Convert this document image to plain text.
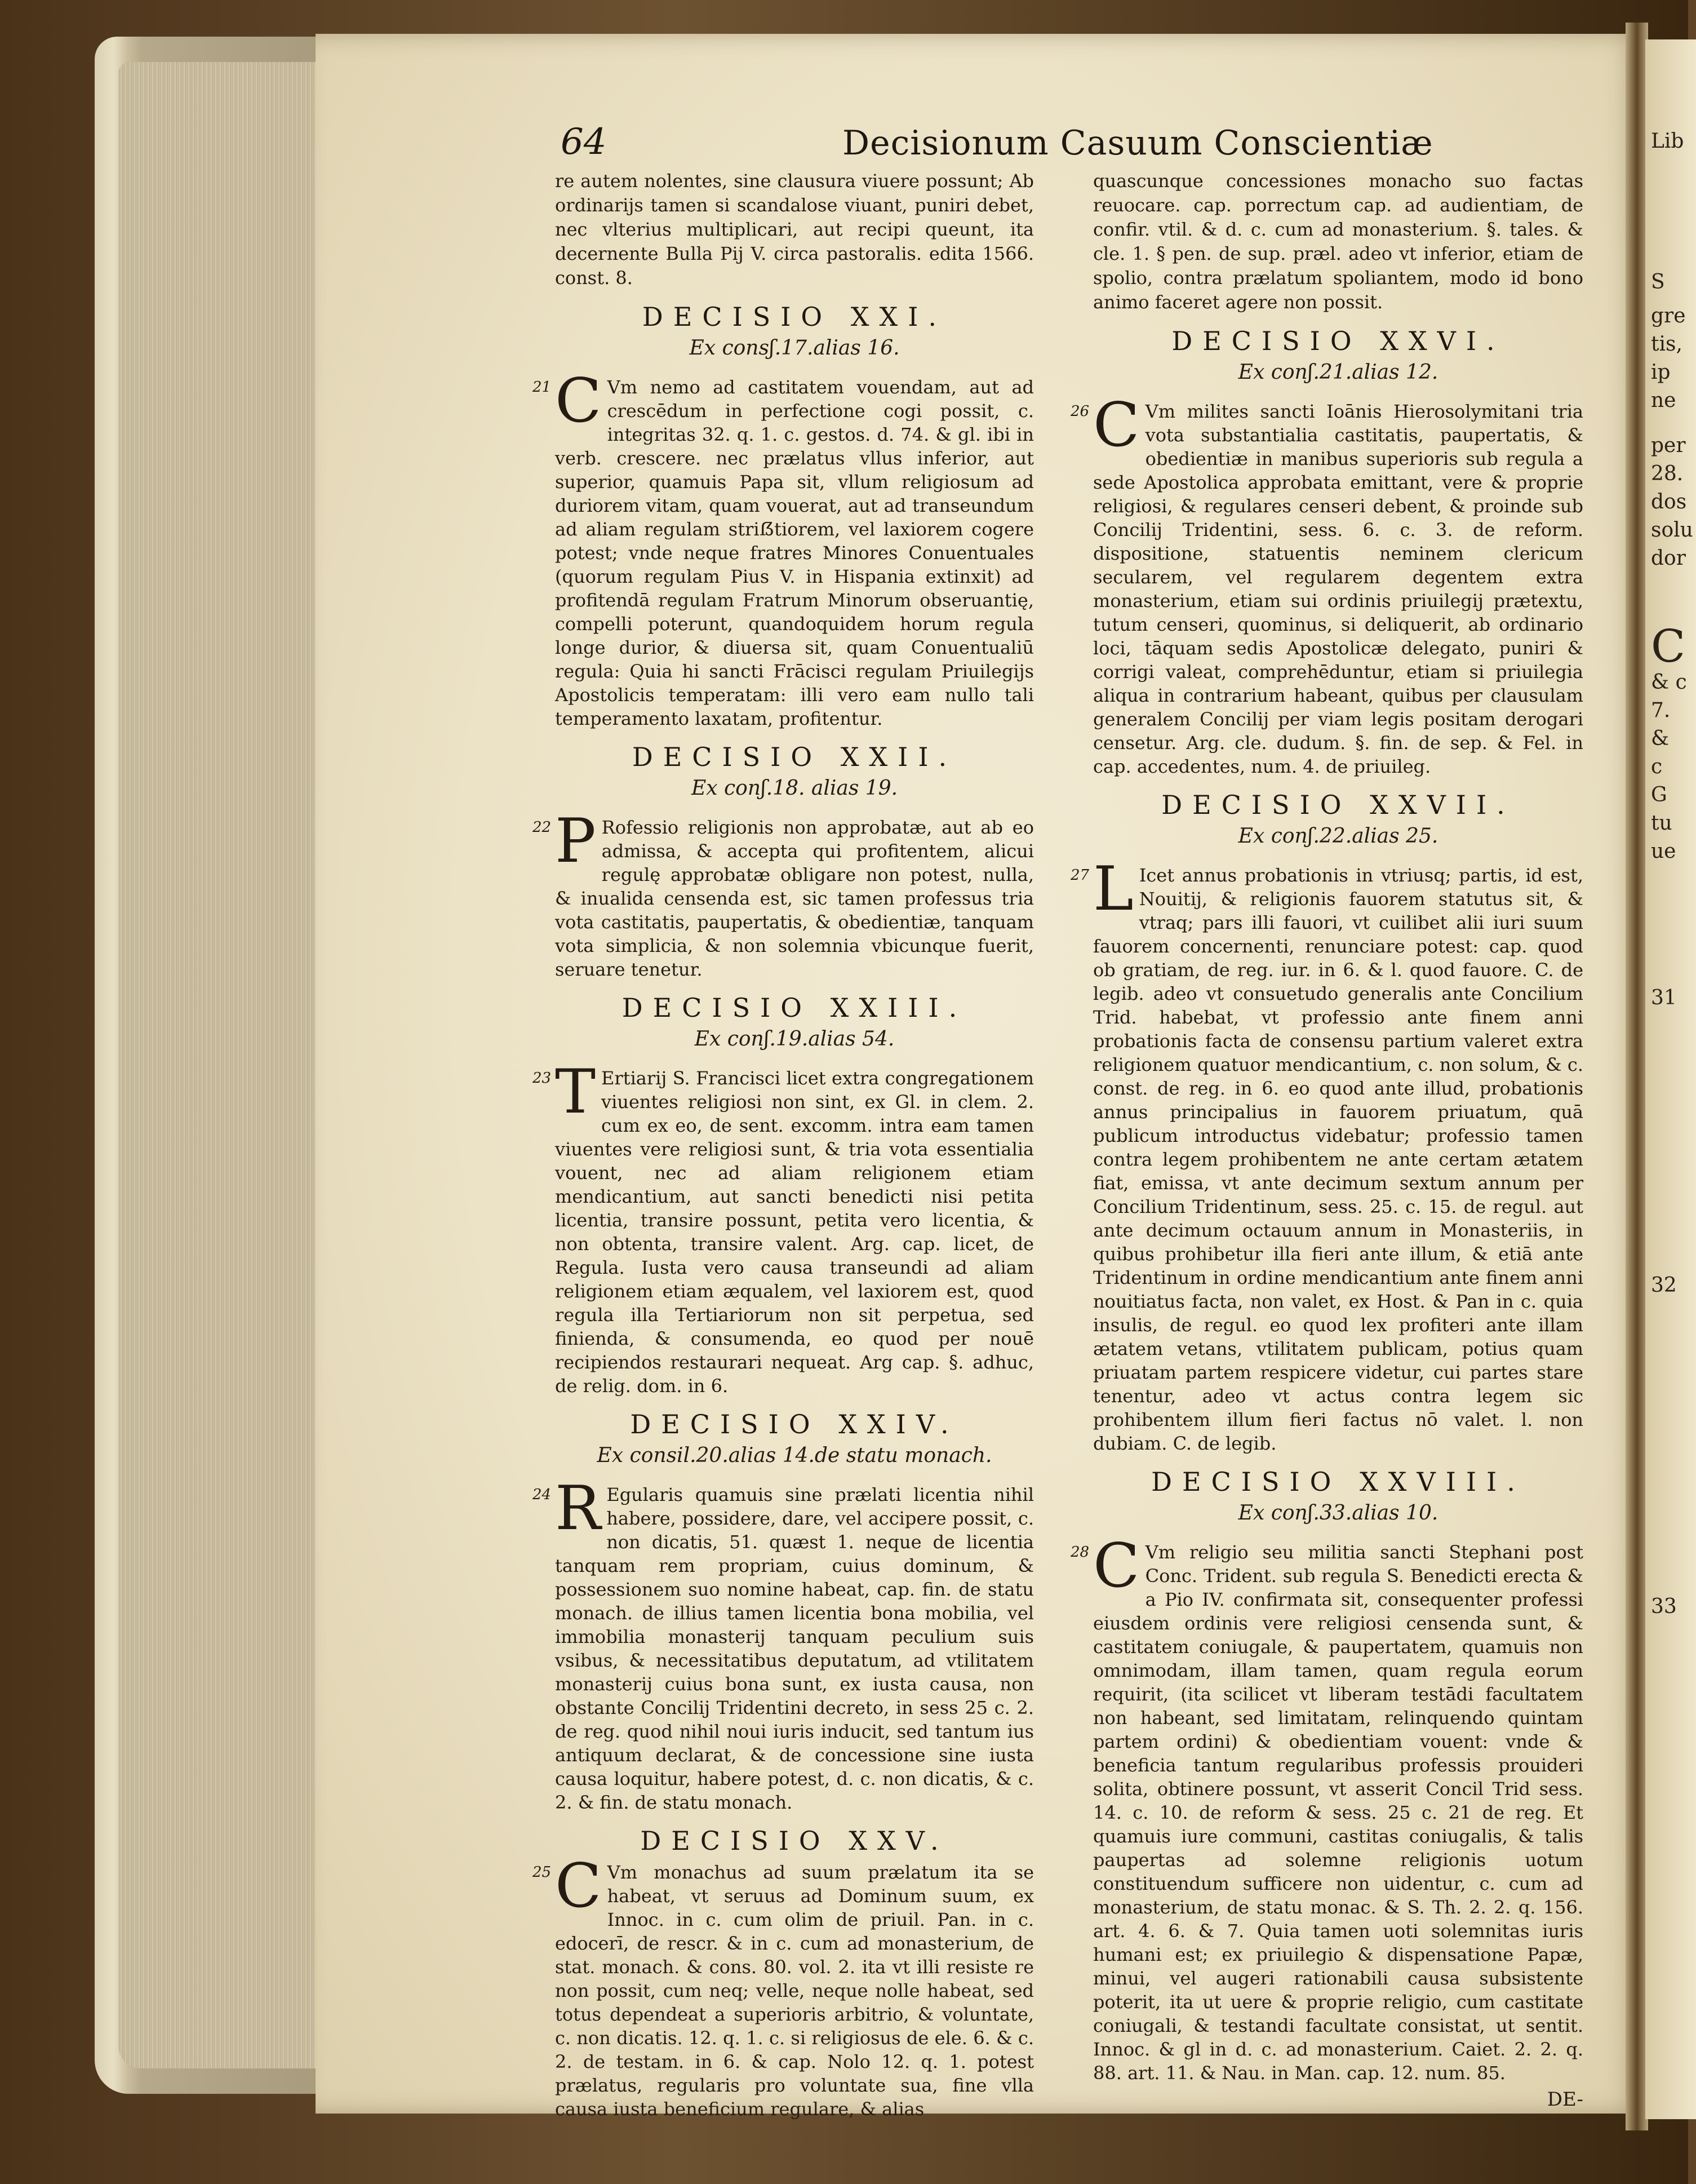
64	Decisionum Casuum Conscientiæ
re autem nolentes, sine clausura viuere possunt; Ab ordinarijs tamen si scandalose viuant, puniri debet, nec vlterius multiplicari, aut recipi queunt, ita decernente Bulla Pij V. circa pastoralis. edita 1566. const. 8.
DECISIO XXI.
Ex consʃ.17.alias 16.
21 C Vm nemo ad castitatem vouendam, aut ad crescēdum in perfectione cogi possit, c. integritas 32. q. 1. c. gestos. d. 74. & gl. ibi in verb. crescere. nec prælatus vllus inferior, aut superior, quamuis Papa sit, vllum religiosum ad duriorem vitam, quam vouerat, aut ad transeundum ad aliam regulam striẞtiorem, vel laxiorem cogere potest; vnde neque fratres Minores Conuentuales (quorum regulam Pius V. in Hispania extinxit) ad profitendā regulam Fratrum Minorum obseruantię, compelli poterunt, quandoquidem horum regula longe durior, & diuersa sit, quam Conuentualiū regula: Quia hi sancti Frācisci regulam Priuilegijs Apostolicis temperatam: illi vero eam nullo tali temperamento laxatam, profitentur.

DECISIO XXII.
Ex conʃ.18. alias 19.
22 P Rofessio religionis non approbatæ, aut ab eo admissa, & accepta qui profitentem, alicui regulę approbatæ obligare non potest, nulla, & inualida censenda est, sic tamen professus tria vota castitatis, paupertatis, & obedientiæ, tanquam vota simplicia, & non solemnia vbicunque fuerit, seruare tenetur.

DECISIO XXIII.
Ex conʃ.19.alias 54.
23 T Ertiarij S. Francisci licet extra congregationem viuentes religiosi non sint, ex Gl. in clem. 2. cum ex eo, de sent. excomm. intra eam tamen viuentes vere religiosi sunt, & tria vota essentialia vouent, nec ad aliam religionem etiam mendicantium, aut sancti benedicti nisi petita licentia, transire possunt, petita vero licentia, & non obtenta, transire valent. Arg. cap. licet, de Regula. Iusta vero causa transeundi ad aliam religionem etiam æqualem, vel laxiorem est, quod regula illa Tertiariorum non sit perpetua, sed finienda, & consumenda, eo quod per nouē recipiendos restaurari nequeat. Arg cap. §. adhuc, de relig. dom. in 6.

DECISIO XXIV.
Ex consil.20.alias 14.de statu monach.
24 R Egularis quamuis sine prælati licentia nihil habere, possidere, dare, vel accipere possit, c. non dicatis, 51. quæst 1. neque de licentia tanquam rem propriam, cuius dominum, & possessionem suo nomine habeat, cap. fin. de statu monach. de illius tamen licentia bona mobilia, vel immobilia monasterij tanquam peculium suis vsibus, & necessitatibus deputatum, ad vtilitatem monasterij cuius bona sunt, ex iusta causa, non obstante Concilij Tridentini decreto, in sess 25 c. 2. de reg. quod nihil noui iuris inducit, sed tantum ius antiquum declarat, & de concessione sine iusta causa loquitur, habere potest, d. c. non dicatis, & c. 2. & fin. de statu monach.

DECISIO XXV.
25 C Vm monachus ad suum prælatum ita se habeat, vt seruus ad Dominum suum, ex Innoc. in c. cum olim de priuil. Pan. in c. edocerī, de rescr. & in c. cum ad monasterium, de stat. monach. & cons. 80. vol. 2. ita vt illi resiste re non possit, cum neq; velle, neque nolle habeat, sed totus dependeat a superioris arbitrio, & voluntate, c. non dicatis. 12. q. 1. c. si religiosus de ele. 6. & c. 2. de testam. in 6. & cap. Nolo 12. q. 1. potest prælatus, regularis pro voluntate sua, fine vlla causa iusta beneficium regulare, & alias

quascunque concessiones monacho suo factas reuocare. cap. porrectum cap. ad audientiam, de confir. vtil. & d. c. cum ad monasterium. §. tales. & cle. 1. § pen. de sup. præl. adeo vt inferior, etiam de spolio, contra prælatum spoliantem, modo id bono animo faceret agere non possit.
DECISIO XXVI.
Ex conʃ.21.alias 12.
26 C Vm milites sancti Ioānis Hierosolymitani tria vota substantialia castitatis, paupertatis, & obedientiæ in manibus superioris sub regula a sede Apostolica approbata emittant, vere & proprie religiosi, & regulares censeri debent, & proinde sub Concilij Tridentini, sess. 6. c. 3. de reform. dispositione, statuentis neminem clericum secularem, vel regularem degentem extra monasterium, etiam sui ordinis priuilegij prætextu, tutum censeri, quominus, si deliquerit, ab ordinario loci, tāquam sedis Apostolicæ delegato, puniri & corrigi valeat, comprehēduntur, etiam si priuilegia aliqua in contrarium habeant, quibus per clausulam generalem Concilij per viam legis positam derogari censetur. Arg. cle. dudum. §. fin. de sep. & Fel. in cap. accedentes, num. 4. de priuileg.

DECISIO XXVII.
Ex conʃ.22.alias 25.
27 L Icet annus probationis in vtriusq; partis, id est, Nouitij, & religionis fauorem statutus sit, & vtraq; pars illi fauori, vt cuilibet alii iuri suum fauorem concernenti, renunciare potest: cap. quod ob gratiam, de reg. iur. in 6. & l. quod fauore. C. de legib. adeo vt consuetudo generalis ante Concilium Trid. habebat, vt professio ante finem anni probationis facta de consensu partium valeret extra religionem quatuor mendicantium, c. non solum, & c. const. de reg. in 6. eo quod ante illud, probationis annus principalius in fauorem priuatum, quā publicum introductus videbatur; professio tamen contra legem prohibentem ne ante certam ætatem fiat, emissa, vt ante decimum sextum annum per Concilium Tridentinum, sess. 25. c. 15. de regul. aut ante decimum octauum annum in Monasteriis, in quibus prohibetur illa fieri ante illum, & etiā ante Tridentinum in ordine mendicantium ante finem anni nouitiatus facta, non valet, ex Host. & Pan in c. quia insulis, de regul. eo quod lex profiteri ante illam ætatem vetans, vtilitatem publicam, potius quam priuatam partem respicere videtur, cui partes stare tenentur, adeo vt actus contra legem sic prohibentem illum fieri factus nō valet. l. non dubiam. C. de legib.

DECISIO XXVIII.
Ex conʃ.33.alias 10.
28 C Vm religio seu militia sancti Stephani post Conc. Trident. sub regula S. Benedicti erecta & a Pio IV. confirmata sit, consequenter professi eiusdem ordinis vere religiosi censenda sunt, & castitatem coniugale, & paupertatem, quamuis non omnimodam, illam tamen, quam regula eorum requirit, (ita scilicet vt liberam testādi facultatem non habeant, sed limitatam, relinquendo quintam partem ordini) & obedientiam vouent: vnde & beneficia tantum regularibus professis prouideri solita, obtinere possunt, vt asserit Concil Trid sess. 14. c. 10. de reform & sess. 25 c. 21 de reg. Et quamuis iure communi, castitas coniugalis, & talis paupertas ad solemne religionis uotum constituendum sufficere non uidentur, c. cum ad monasterium, de statu monac. & S. Th. 2. 2. q. 156. art. 4. 6. & 7. Quia tamen uoti solemnitas iuris humani est; ex priuilegio & dispensatione Papæ, minui, vel augeri rationabili causa subsistente poterit, ita ut uere & proprie religio, cum castitate coniugali, & testandi facultate consistat, ut sentit. Innoc. & gl in d. c. ad monasterium. Caiet. 2. 2. q. 88. art. 11. & Nau. in Man. cap. 12. num. 85.

DE-
Lib
S
gre
tis,
ip
ne
per
28.
dos
solu
dor
C
& c
7.
&
c
G
tu
ue
31
32
33
